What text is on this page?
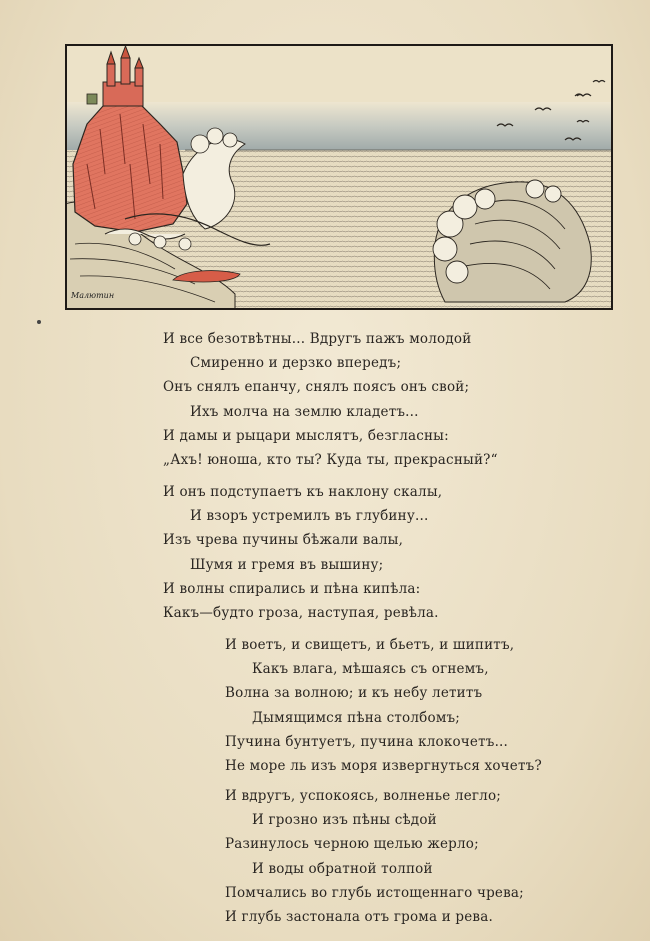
Малютин
И все безотвѣтны... Вдругъ пажъ молодой
Смиренно и дерзко впередъ;
Онъ снялъ епанчу, снялъ поясъ онъ свой;
Ихъ молча на землю кладетъ...
И дамы и рыцари мыслятъ, безгласны:
„Ахъ! юноша, кто ты? Куда ты, прекрасный?“
И онъ подступаетъ къ наклону скалы,
И взоръ устремилъ въ глубину...
Изъ чрева пучины бѣжали валы,
Шумя и гремя въ вышину;
И волны спирались и пѣна кипѣла:
Какъ—будто гроза, наступая, ревѣла.
И воетъ, и свищетъ, и бьетъ, и шипитъ,
Какъ влага, мѣшаясь съ огнемъ,
Волна за волною; и къ небу летитъ
Дымящимся пѣна столбомъ;
Пучина бунтуетъ, пучина клокочетъ...
Не море ль изъ моря извергнуться хочетъ?
И вдругъ, успокоясь, волненье легло;
И грозно изъ пѣны сѣдой
Разинулось черною щелью жерло;
И воды обратной толпой
Помчались во глубь истощеннаго чрева;
И глубь застонала отъ грома и рева.
